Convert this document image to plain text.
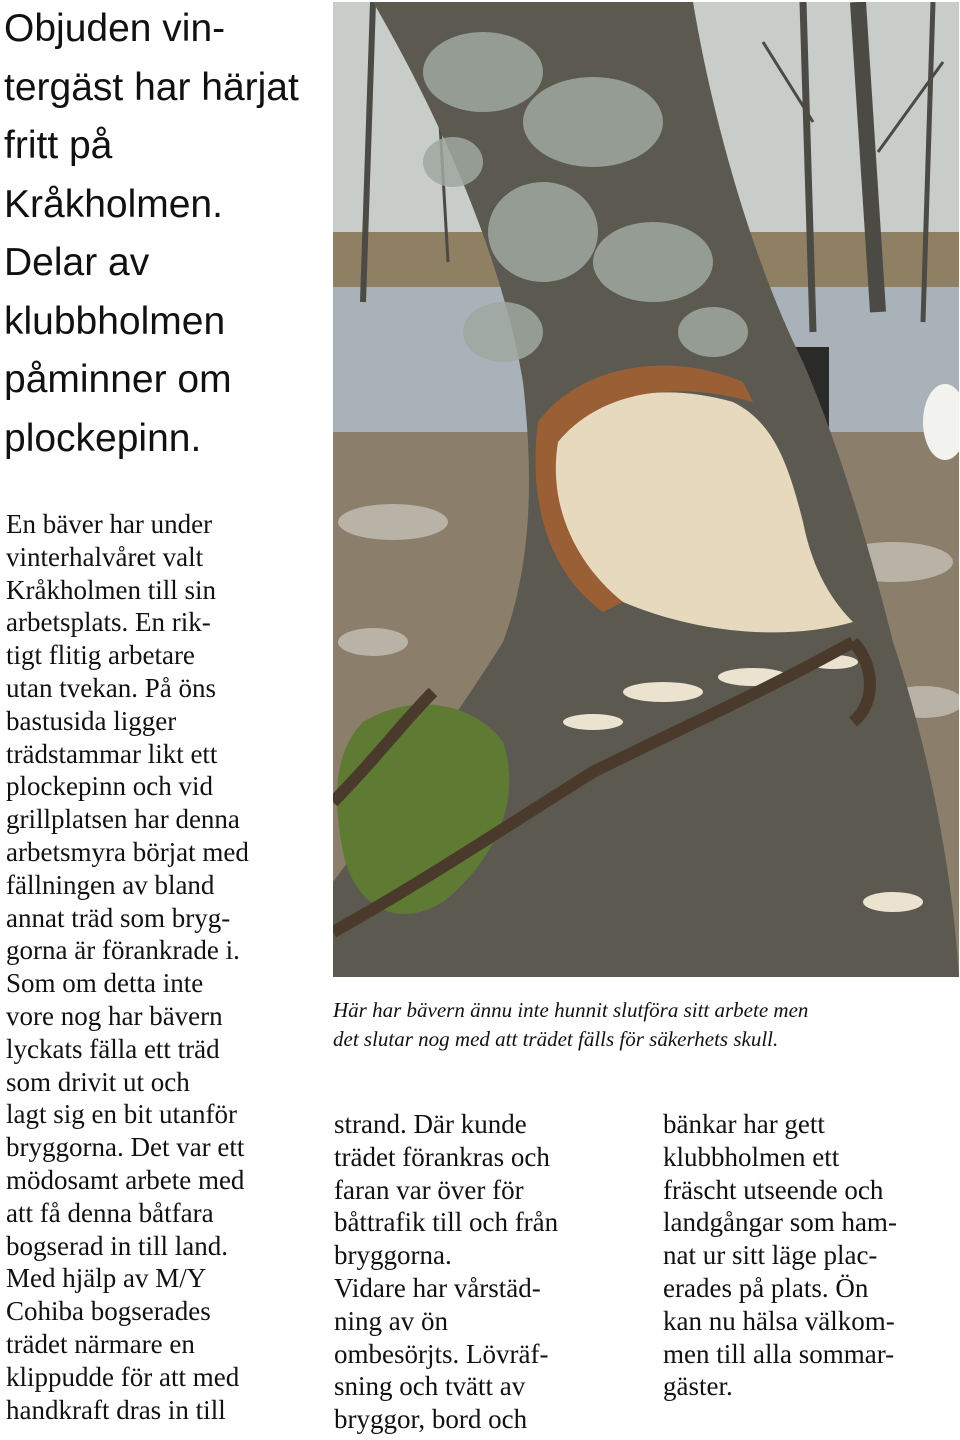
Objuden vin- tergäst har härjat fritt på Kråkholmen. Delar av klubbholmen påminner om plockepinn.

En bäver har under
vinterhalvåret valt
Kråkholmen till sin
arbetsplats. En rik-
tigt flitig arbetare
utan tvekan. På öns
bastusida ligger
trädstammar likt ett
plockepinn och vid
grillplatsen har denna
arbetsmyra börjat med
fällningen av bland
annat träd som bryg-
gorna är förankrade i.
Som om detta inte
vore nog har bävern
lyckats fälla ett träd
som drivit ut och
lagt sig en bit utanför
bryggorna. Det var ett
mödosamt arbete med
att få denna båtfara
bogserad in till land.
Med hjälp av M/Y
Cohiba bogserades
trädet närmare en
klippudde för att med
handkraft dras in till

Här har bävern ännu inte hunnit slutföra sitt arbete men
det slutar nog med att trädet fälls för säkerhets skull.

strand. Där kunde
trädet förankras och
faran var över för
båttrafik till och från
bryggorna.
Vidare har vårstäd-
ning av ön
ombesörjts. Lövräf-
sning och tvätt av
bryggor, bord och

bänkar har gett
klubbholmen ett
fräscht utseende och
landgångar som ham-
nat ur sitt läge plac-
erades på plats. Ön
kan nu hälsa välkom-
men till alla sommar-
gäster.
